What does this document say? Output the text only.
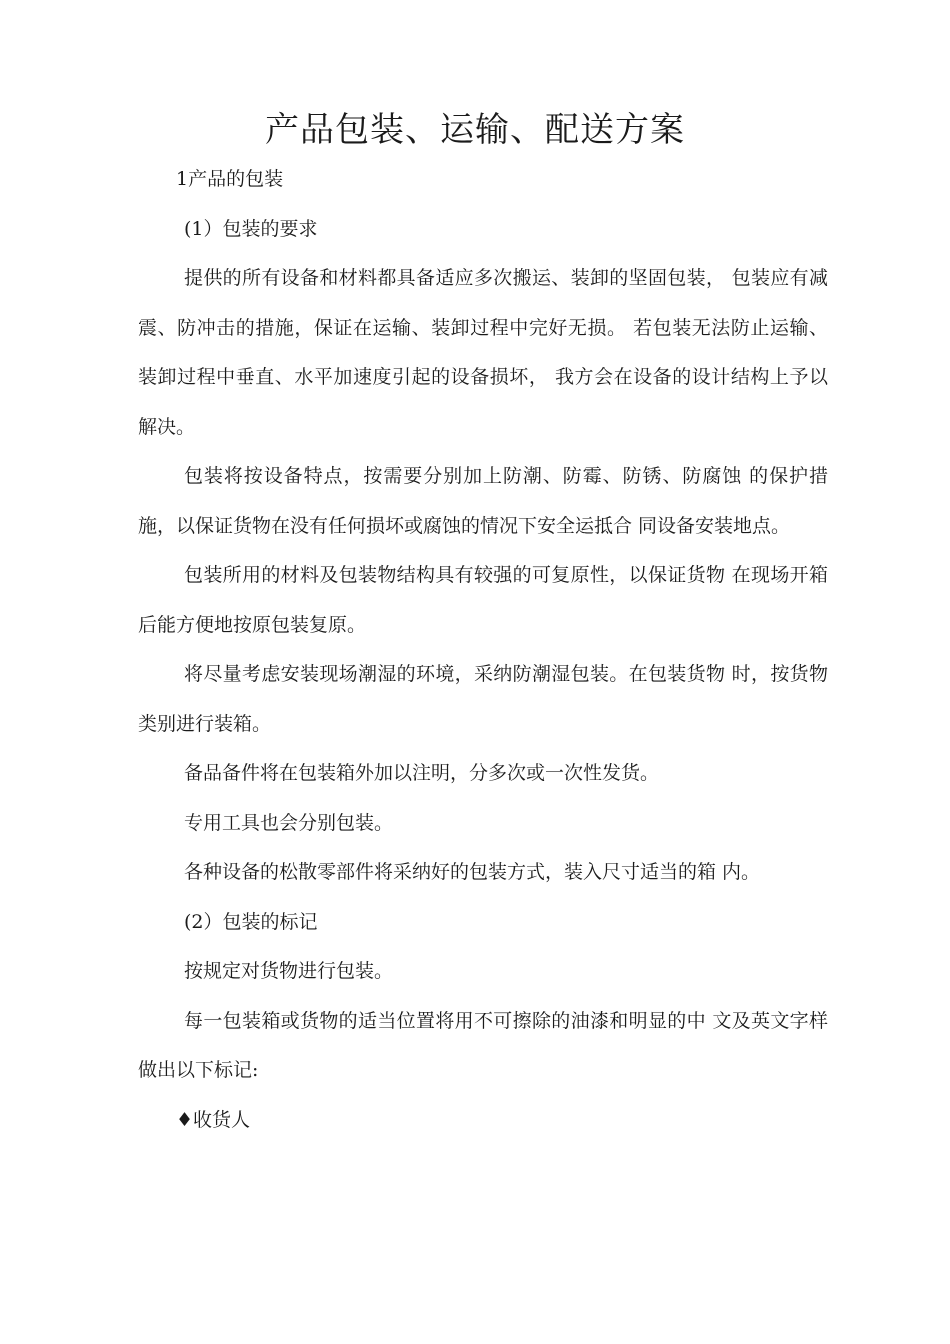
产品包装、运输、配送方案

1产品的包装

(1）包装的要求

提供的所有设备和材料都具备适应多次搬运、装卸的坚固包装， 包装应有减震、防冲击的措施，保证在运输、装卸过程中完好无损。 若包装无法防止运输、装卸过程中垂直、水平加速度引起的设备损坏， 我方会在设备的设计结构上予以解决。

包装将按设备特点，按需要分别加上防潮、防霉、防锈、防腐蚀 的保护措施，以保证货物在没有任何损坏或腐蚀的情况下安全运抵合 同设备安装地点。

包装所用的材料及包装物结构具有较强的可复原性，以保证货物 在现场开箱后能方便地按原包装复原。

将尽量考虑安装现场潮湿的环境，采纳防潮湿包装。在包装货物 时，按货物类别进行装箱。

备品备件将在包装箱外加以注明，分多次或一次性发货。

专用工具也会分别包装。

各种设备的松散零部件将采纳好的包装方式，装入尺寸适当的箱 内。

(2）包装的标记

按规定对货物进行包装。

每一包装箱或货物的适当位置将用不可擦除的油漆和明显的中 文及英文字样做出以下标记:

♦收货人
